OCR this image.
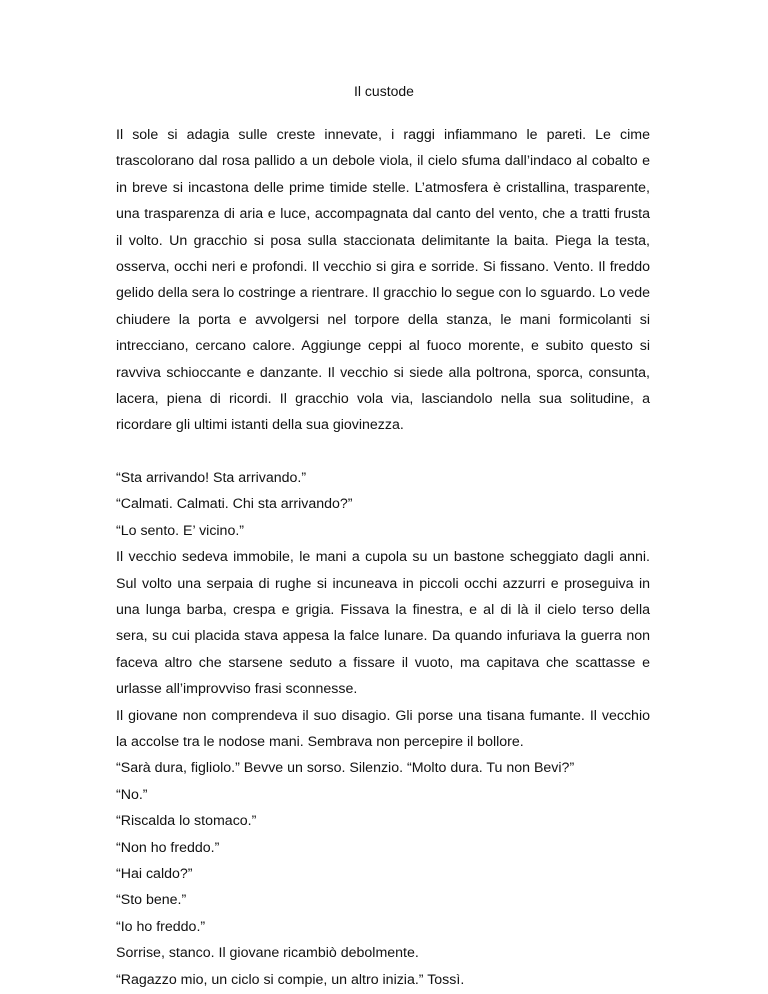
Il custode

Il sole si adagia sulle creste innevate, i raggi infiammano le pareti. Le cime trascolorano dal rosa pallido a un debole viola, il cielo sfuma dall’indaco al cobalto e in breve si incastona delle prime timide stelle. L’atmosfera è cristallina, trasparente, una trasparenza di aria e luce, accompagnata dal canto del vento, che a tratti frusta il volto. Un gracchio si posa sulla staccionata delimitante la baita. Piega la testa, osserva, occhi neri e profondi. Il vecchio si gira e sorride. Si fissano. Vento. Il freddo gelido della sera lo costringe a rientrare. Il gracchio lo segue con lo sguardo. Lo vede chiudere la porta e avvolgersi nel torpore della stanza, le mani formicolanti si intrecciano, cercano calore. Aggiunge ceppi al fuoco morente, e subito questo si ravviva schioccante e danzante. Il vecchio si siede alla poltrona, sporca, consunta, lacera, piena di ricordi. Il gracchio vola via, lasciandolo nella sua solitudine, a ricordare gli ultimi istanti della sua giovinezza.

“Sta arrivando! Sta arrivando.”

“Calmati. Calmati. Chi sta arrivando?”

“Lo sento. E’ vicino.”

Il vecchio sedeva immobile, le mani a cupola su un bastone scheggiato dagli anni. Sul volto una serpaia di rughe si incuneava in piccoli occhi azzurri e proseguiva in una lunga barba, crespa e grigia. Fissava la finestra, e al di là il cielo terso della sera, su cui placida stava appesa la falce lunare. Da quando infuriava la guerra non faceva altro che starsene seduto a fissare il vuoto, ma capitava che scattasse e urlasse all’improvviso frasi sconnesse.

Il giovane non comprendeva il suo disagio. Gli porse una tisana fumante. Il vecchio la accolse tra le nodose mani. Sembrava non percepire il bollore.

“Sarà dura, figliolo.” Bevve un sorso. Silenzio. “Molto dura. Tu non Bevi?”

“No.”

“Riscalda lo stomaco.”

“Non ho freddo.”

“Hai caldo?”

“Sto bene.”

“Io ho freddo.”

Sorrise, stanco. Il giovane ricambiò debolmente.

“Ragazzo mio, un ciclo si compie, un altro inizia.” Tossì.
